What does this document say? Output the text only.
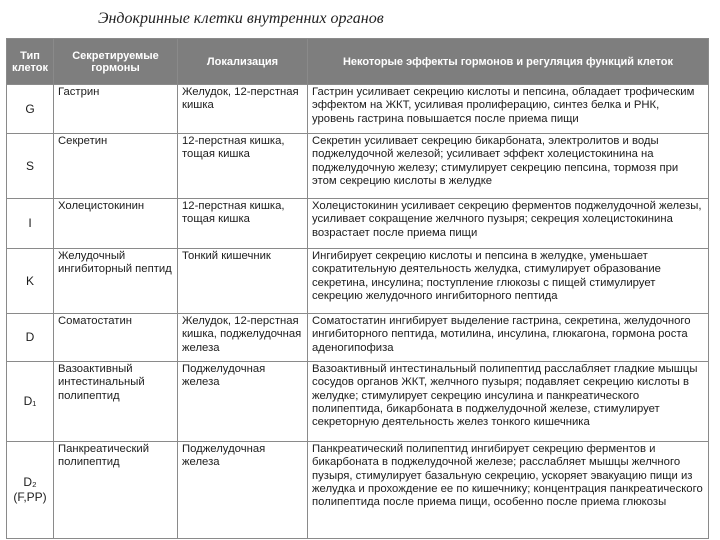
Эндокринные клетки внутренних органов
Тип клеток	Секретируемые гормоны	Локализация	Некоторые эффекты гормонов и регуляция функций клеток
G	Гастрин	Желудок, 12-перстная кишка	Гастрин усиливает секрецию кислоты и пепсина, обладает трофическим эффектом на ЖКТ, усиливая пролиферацию, синтез белка и РНК, уровень гастрина повышается после приема пищи
S	Секретин	12-перстная кишка, тощая кишка	Секретин усиливает секрецию бикарбоната, электролитов и воды поджелудочной железой; усиливает эффект холецистокинина на поджелудочную железу; стимулирует секрецию пепсина, тормозя при этом секрецию кислоты в желудке
I	Холецистокинин	12-перстная кишка, тощая кишка	Холецистокинин усиливает секрецию ферментов поджелудочной железы, усиливает сокращение желчного пузыря; секреция холецистокинина возрастает после приема пищи
K	Желудочный ингибиторный пептид	Тонкий кишечник	Ингибирует секрецию кислоты и пепсина в желудке, уменьшает сократительную деятельность желудка, стимулирует образование секретина, инсулина; поступление глюкозы с пищей стимулирует секрецию желудочного ингибиторного пептида
D	Соматостатин	Желудок, 12-перстная кишка, поджелудочная железа	Соматостатин ингибирует выделение гастрина, секретина, желудочного ингибиторного пептида, мотилина, инсулина, глюкагона, гормона роста аденогипофиза
D₁	Вазоактивный интестинальный полипептид	Поджелудочная железа	Вазоактивный интестинальный полипептид расслабляет гладкие мышцы сосудов органов ЖКТ, желчного пузыря; подавляет секрецию кислоты в желудке; стимулирует секрецию инсулина и панкреатического полипептида, бикарбоната в поджелудочной железе, стимулирует секреторную деятельность желез тонкого кишечника
D₂ (F,PP)	Панкреатический полипептид	Поджелудочная железа	Панкреатический полипептид ингибирует секрецию ферментов и бикарбоната в поджелудочной железе; расслабляет мышцы желчного пузыря, стимулирует базальную секрецию, ускоряет эвакуацию пищи из желудка и прохождение ее по кишечнику; концентрация панкреатического полипептида после приема пищи, особенно после приема глюкозы
